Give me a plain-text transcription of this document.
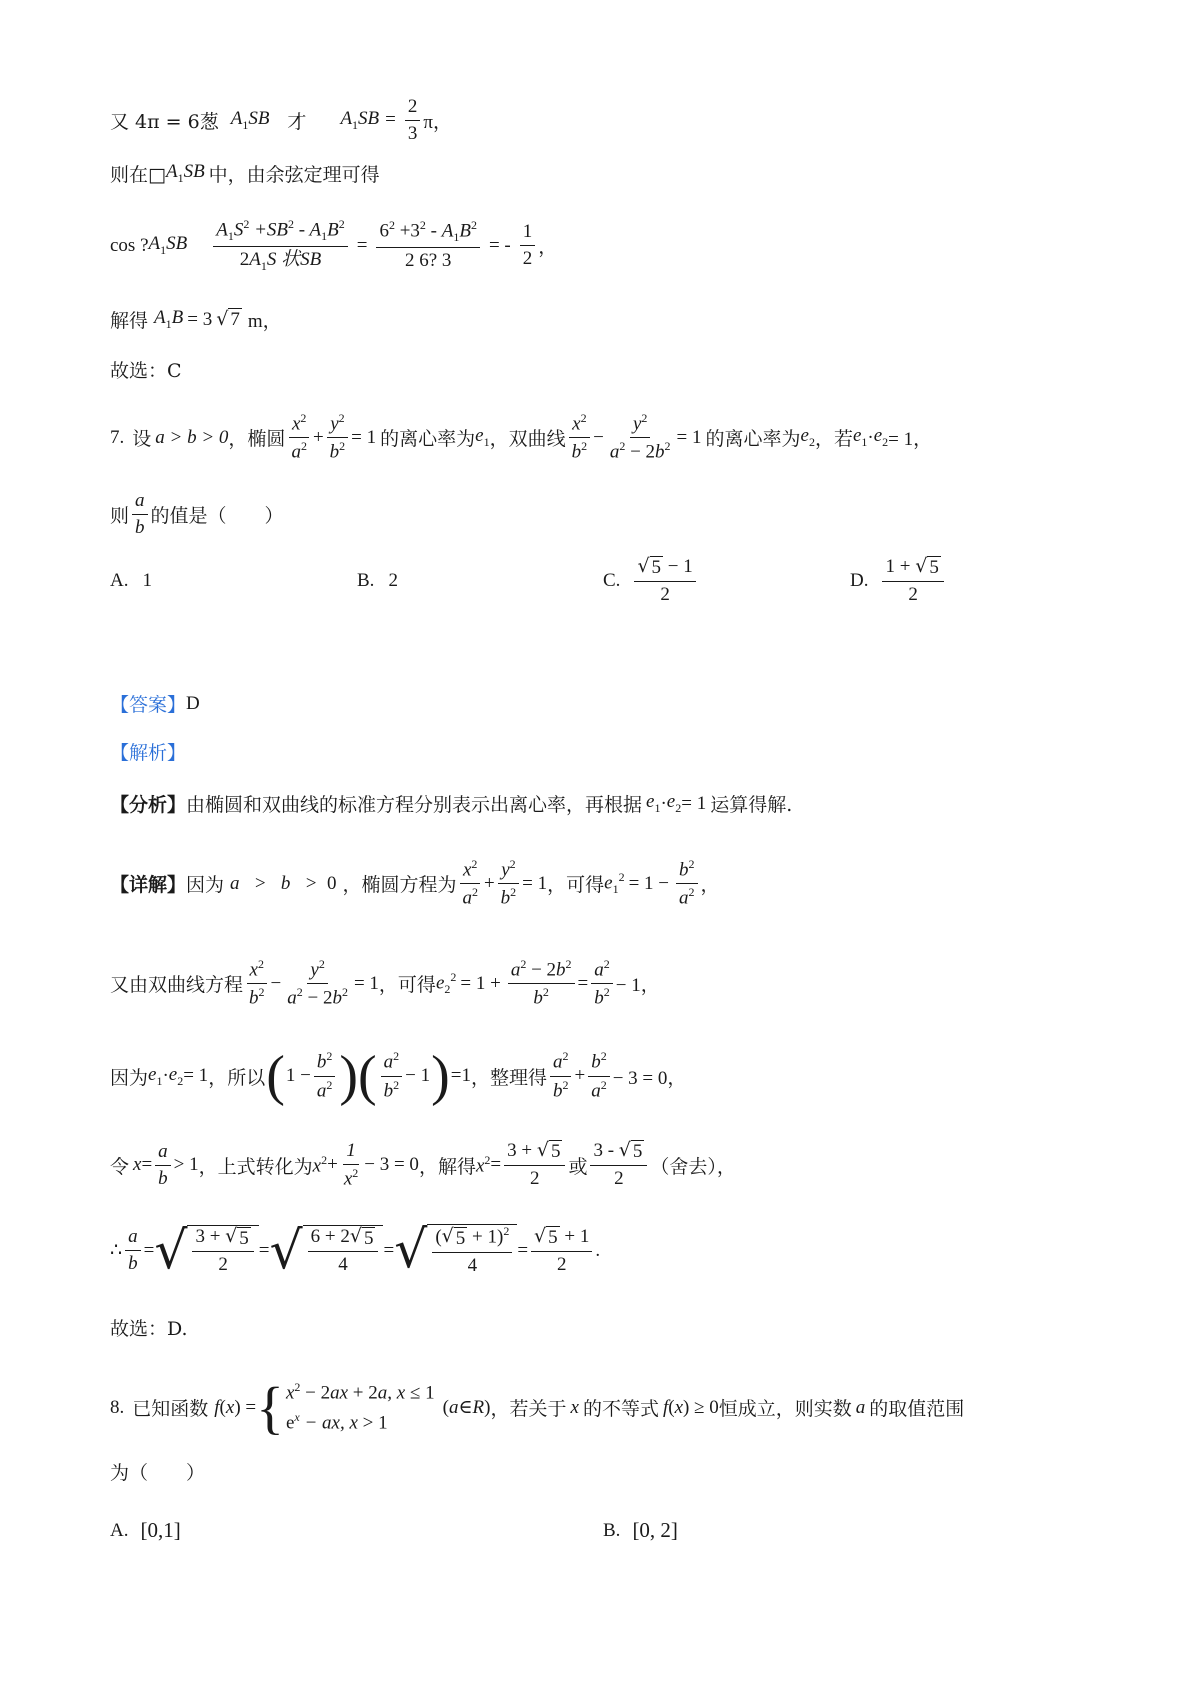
又 4π = 6葱 $A_1SB$ 才 $A_1SB = \frac{2}{3}$ π，
则在□ $A_1SB$ 中，由余弦定理可得
cos ? $A_1SB \frac{A_1S^2 +SB^2 - A_1B^2}{2A_1S 状SB} = \frac{6^2 +3^2 - A_1B^2}{2 6? 3}$ = - $\frac{1}{2}$ ，
解得 $A_1B = 3$ √ 7 m，
故选：C
7. 设 a > b > 0 ，椭圆 $\frac{x^2}{a^2} + \frac{y^2}{b^2} = 1$ 的离心率为 $e_1$ ，双曲线 $\frac{x^2}{b^2} - \frac{y^2}{a^2 - 2b^2} = 1$ 的离心率为 $e_2$ ，若 $e_1 \cdot e_2 = 1$，
则 $\frac{a}{b}$ 的值是（　　）
A. 1	B. 2	C. $\frac{√ 5 - 1}{2}$	D. $\frac{1 + √ 5}{2}$
【答案】 D
【解析】
【分析】 由椭圆和双曲线的标准方程分别表示出离心率，再根据 $e_1 \cdot e_2 = 1$ 运算得解.
【详解】 因为 a   >   b   >  0 ，椭圆方程为 $\frac{x^2}{a^2} + \frac{y^2}{b^2} = 1$ ，可得 $e_1^2 = 1 - \frac{b^2}{a^2}$ ，
又由双曲线方程 $\frac{x^2}{b^2} - \frac{y^2}{a^2 - 2b^2} = 1$ ，可得 $e_2^2 = 1 + \frac{a^2 - 2b^2}{b^2} = \frac{a^2}{b^2} - 1$，
因为 $e_1 \cdot e_2 = 1$ ，所以 ( $1 - \frac{b^2}{a^2}$ )( $\frac{a^2}{b^2} - 1$ ) =1 ，整理得 $\frac{a^2}{b^2} + \frac{b^2}{a^2} - 3 = 0$，
令 $x = \frac{a}{b} > 1$ ，上式转化为 $x^2 + \frac{1}{x^2} - 3 = 0$ ，解得 $x^2 = \frac{3 + √ 5}{2}$ 或 $\frac{3 - √ 5}{2}$ （舍去），
∴ $\frac{a}{b}$ = √ $\frac{3 + √ 5}{2}$ = √ $\frac{6 + 2 √ 5}{4}$ = √ $\frac{( √ 5 + 1)^2}{4} = \frac{√ 5 + 1}{2}$ .
故选：D.
8. 已知函数 f ( x ) = { $x^2 - 2ax + 2a$, x ≤ 1
$e^x$ − ax, x > 1
( a ∈ R ) ，若关于 x 的不等式 f ( x ) ≥ 0 恒成立，则实数 a 的取值范围
为（　　）
A. [0,1]	B. [0, 2]
